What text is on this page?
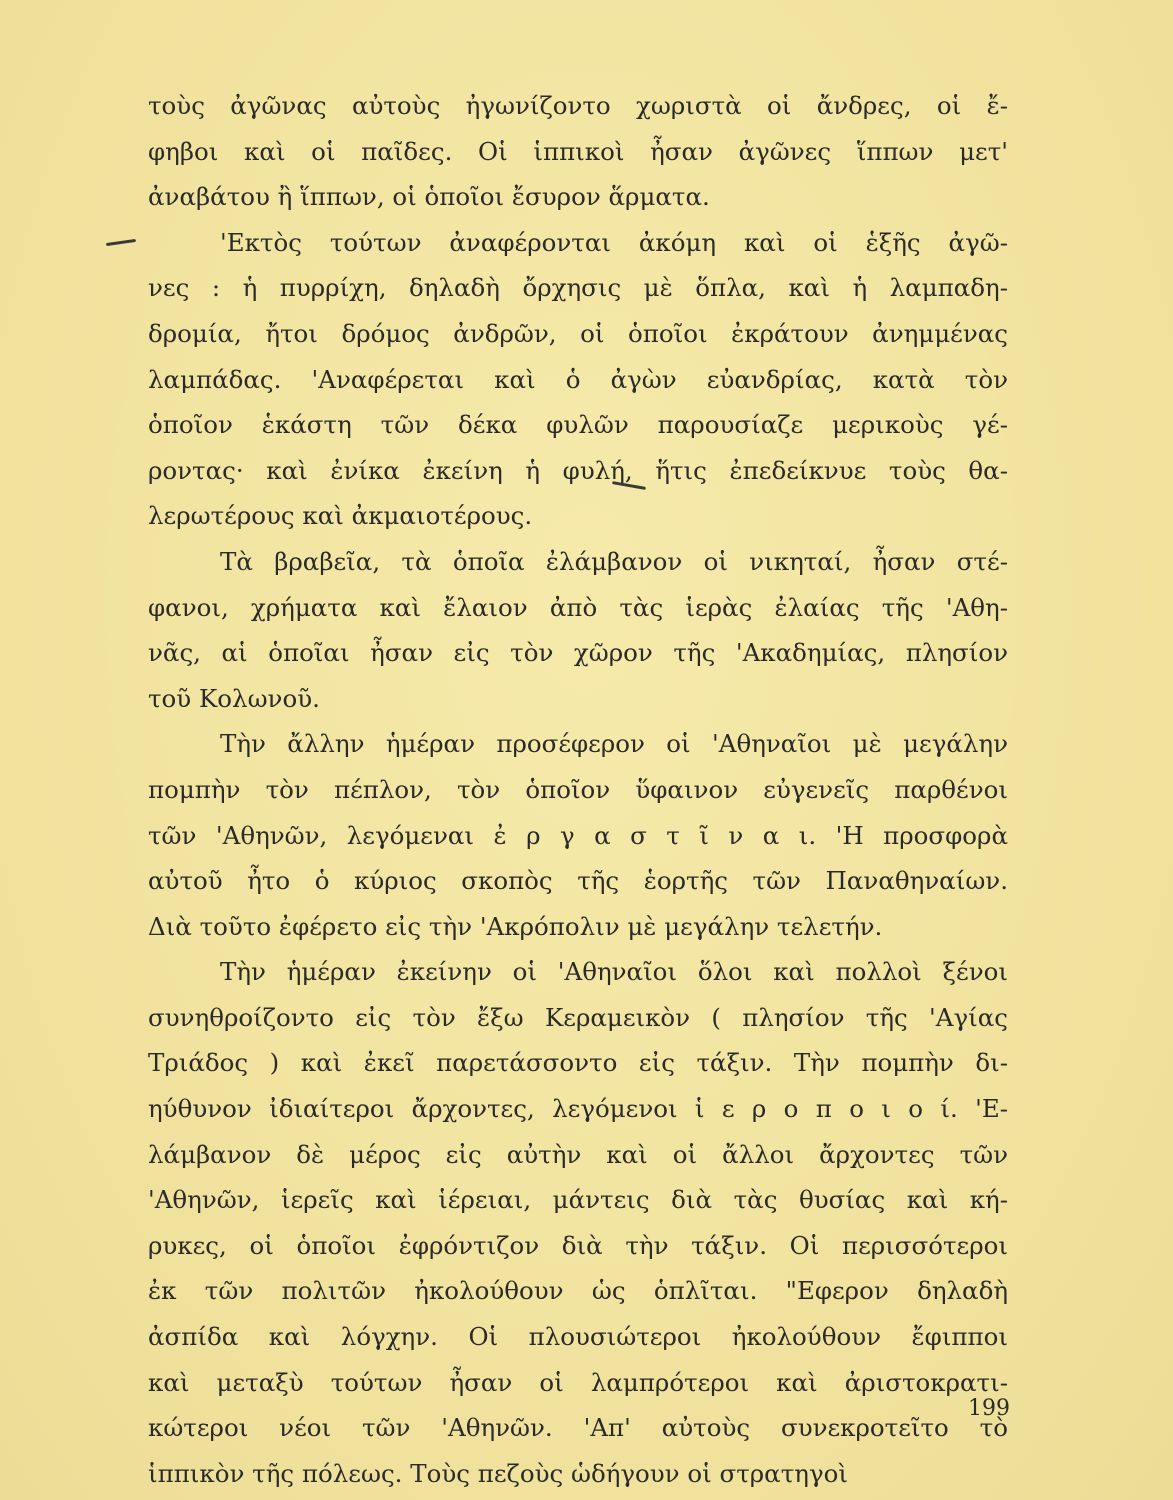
τοὺς ἀγῶνας αὐτοὺς ἠγωνίζοντο χωριστὰ οἱ ἄνδρες, οἱ ἔ-
φηβοι καὶ οἱ παῖδες. Οἱ ἱππικοὶ ἦσαν ἀγῶνες ἵππων μετ'
ἀναβάτου ἢ ἵππων, οἱ ὁποῖοι ἔσυρον ἅρματα.
'Εκτὸς τούτων ἀναφέρονται ἀκόμη καὶ οἱ ἑξῆς ἀγῶ-
νες : ἡ πυρρίχη, δηλαδὴ ὄρχησις μὲ ὅπλα, καὶ ἡ λαμπαδη-
δρομία, ἤτοι δρόμος ἀνδρῶν, οἱ ὁποῖοι ἐκράτουν ἀνημμένας
λαμπάδας. 'Αναφέρεται καὶ ὁ ἀγὼν εὐανδρίας, κατὰ τὸν
ὁποῖον ἑκάστη τῶν δέκα φυλῶν παρουσίαζε μερικοὺς γέ-
ροντας· καὶ ἐνίκα ἐκείνη ἡ φυλή, ἥτις ἐπεδείκνυε τοὺς θα-
λερωτέρους καὶ ἀκμαιοτέρους.
Τὰ βραβεῖα, τὰ ὁποῖα ἐλάμβανον οἱ νικηταί, ἦσαν στέ-
φανοι, χρήματα καὶ ἔλαιον ἀπὸ τὰς ἱερὰς ἐλαίας τῆς 'Αθη-
νᾶς, αἱ ὁποῖαι ἦσαν εἰς τὸν χῶρον τῆς 'Ακαδημίας, πλησίον
τοῦ Κολωνοῦ.
Τὴν ἄλλην ἡμέραν προσέφερον οἱ 'Αθηναῖοι μὲ μεγάλην
πομπὴν τὸν πέπλον, τὸν ὁποῖον ὕφαινον εὐγενεῖς παρθένοι
τῶν 'Αθηνῶν, λεγόμεναι ἐ ρ γ α σ τ ῖ ν α ι. 'Η προσφορὰ
αὐτοῦ ἦτο ὁ κύριος σκοπὸς τῆς ἑορτῆς τῶν Παναθηναίων.
Διὰ τοῦτο ἐφέρετο εἰς τὴν 'Ακρόπολιν μὲ μεγάλην τελετήν.
Τὴν ἡμέραν ἐκείνην οἱ 'Αθηναῖοι ὅλοι καὶ πολλοὶ ξένοι
συνηθροίζοντο εἰς τὸν ἔξω Κεραμεικὸν ( πλησίον τῆς 'Αγίας
Τριάδος ) καὶ ἐκεῖ παρετάσσοντο εἰς τάξιν. Τὴν πομπὴν δι-
ηύθυνον ἰδιαίτεροι ἄρχοντες, λεγόμενοι ἱ ε ρ ο π ο ι ο ί. 'Ε-
λάμβανον δὲ μέρος εἰς αὐτὴν καὶ οἱ ἄλλοι ἄρχοντες τῶν
'Αθηνῶν, ἱερεῖς καὶ ἱέρειαι, μάντεις διὰ τὰς θυσίας καὶ κή-
ρυκες, οἱ ὁποῖοι ἐφρόντιζον διὰ τὴν τάξιν. Οἱ περισσότεροι
ἐκ τῶν πολιτῶν ἠκολούθουν ὡς ὁπλῖται. "Εφερον δηλαδὴ
ἀσπίδα καὶ λόγχην. Οἱ πλουσιώτεροι ἠκολούθουν ἔφιπποι
καὶ μεταξὺ τούτων ἦσαν οἱ λαμπρότεροι καὶ ἀριστοκρατι-
κώτεροι νέοι τῶν 'Αθηνῶν. 'Απ' αὐτοὺς συνεκροτεῖτο τὸ
ἱππικὸν τῆς πόλεως. Τοὺς πεζοὺς ὡδήγουν οἱ στρατηγοὶ
199
